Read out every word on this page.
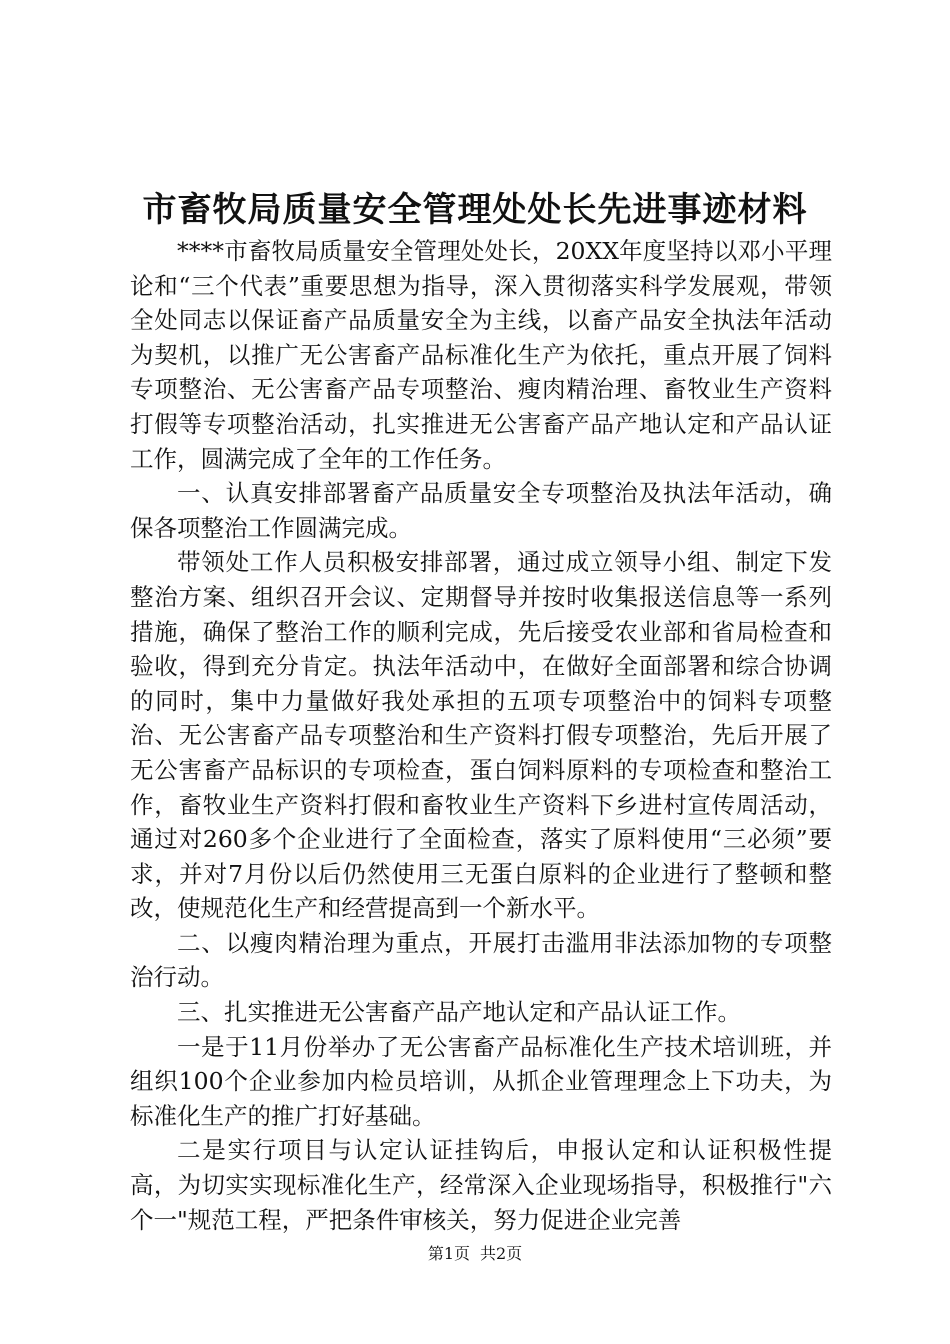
市畜牧局质量安全管理处处长先进事迹材料

****市畜牧局质量安全管理处处长，20XX年度坚持以邓小平理论和“三个代表”重要思想为指导，深入贯彻落实科学发展观，带领全处同志以保证畜产品质量安全为主线，以畜产品安全执法年活动为契机，以推广无公害畜产品标准化生产为依托，重点开展了饲料专项整治、无公害畜产品专项整治、瘦肉精治理、畜牧业生产资料打假等专项整治活动，扎实推进无公害畜产品产地认定和产品认证工作，圆满完成了全年的工作任务。

一、认真安排部署畜产品质量安全专项整治及执法年活动，确保各项整治工作圆满完成。

带领处工作人员积极安排部署，通过成立领导小组、制定下发整治方案、组织召开会议、定期督导并按时收集报送信息等一系列措施，确保了整治工作的顺利完成，先后接受农业部和省局检查和验收，得到充分肯定。执法年活动中，在做好全面部署和综合协调的同时，集中力量做好我处承担的五项专项整治中的饲料专项整治、无公害畜产品专项整治和生产资料打假专项整治，先后开展了无公害畜产品标识的专项检查，蛋白饲料原料的专项检查和整治工作，畜牧业生产资料打假和畜牧业生产资料下乡进村宣传周活动，通过对260多个企业进行了全面检查，落实了原料使用“三必须”要求，并对7月份以后仍然使用三无蛋白原料的企业进行了整顿和整改，使规范化生产和经营提高到一个新水平。

二、以瘦肉精治理为重点，开展打击滥用非法添加物的专项整治行动。

三、扎实推进无公害畜产品产地认定和产品认证工作。

一是于11月份举办了无公害畜产品标准化生产技术培训班，并组织100个企业参加内检员培训，从抓企业管理理念上下功夫，为标准化生产的推广打好基础。

二是实行项目与认定认证挂钩后，申报认定和认证积极性提高，为切实实现标准化生产，经常深入企业现场指导，积极推行"六个一"规范工程，严把条件审核关，努力促进企业完善

第1页 共2页
